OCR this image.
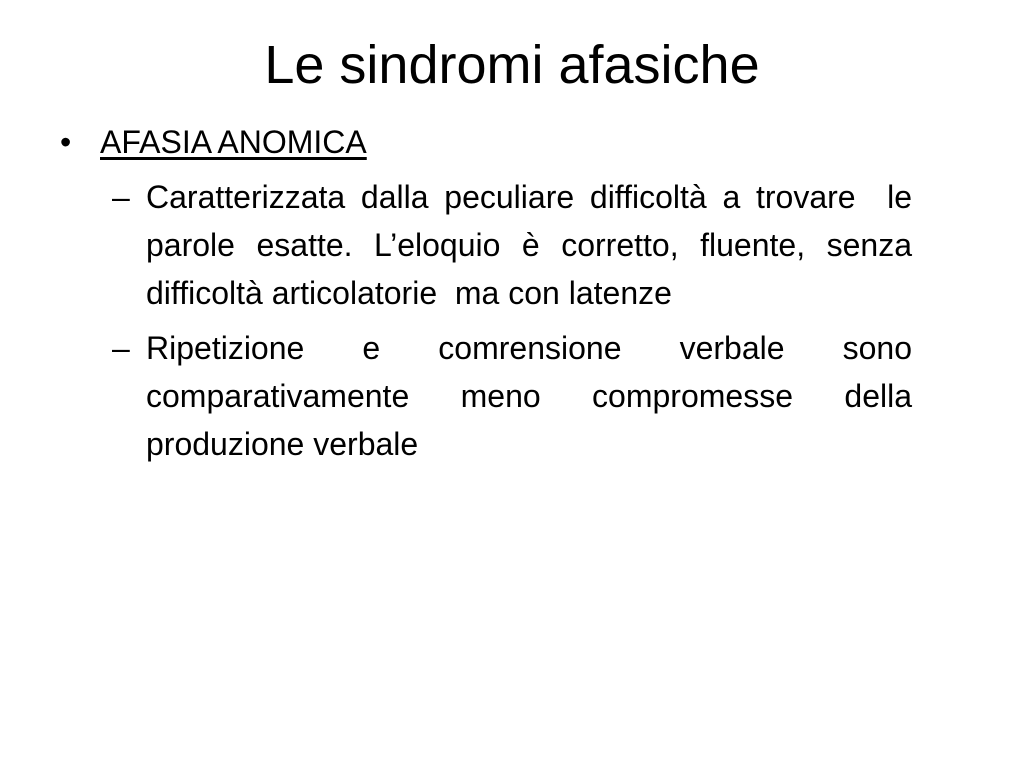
Le sindromi afasiche
• AFASIA ANOMICA
– Caratterizzata dalla peculiare difficoltà a trovare  le parole esatte. L’eloquio è corretto, fluente, senza difficoltà articolatorie  ma con latenze
– Ripetizione e comrensione verbale sono comparativamente meno compromesse della produzione verbale
